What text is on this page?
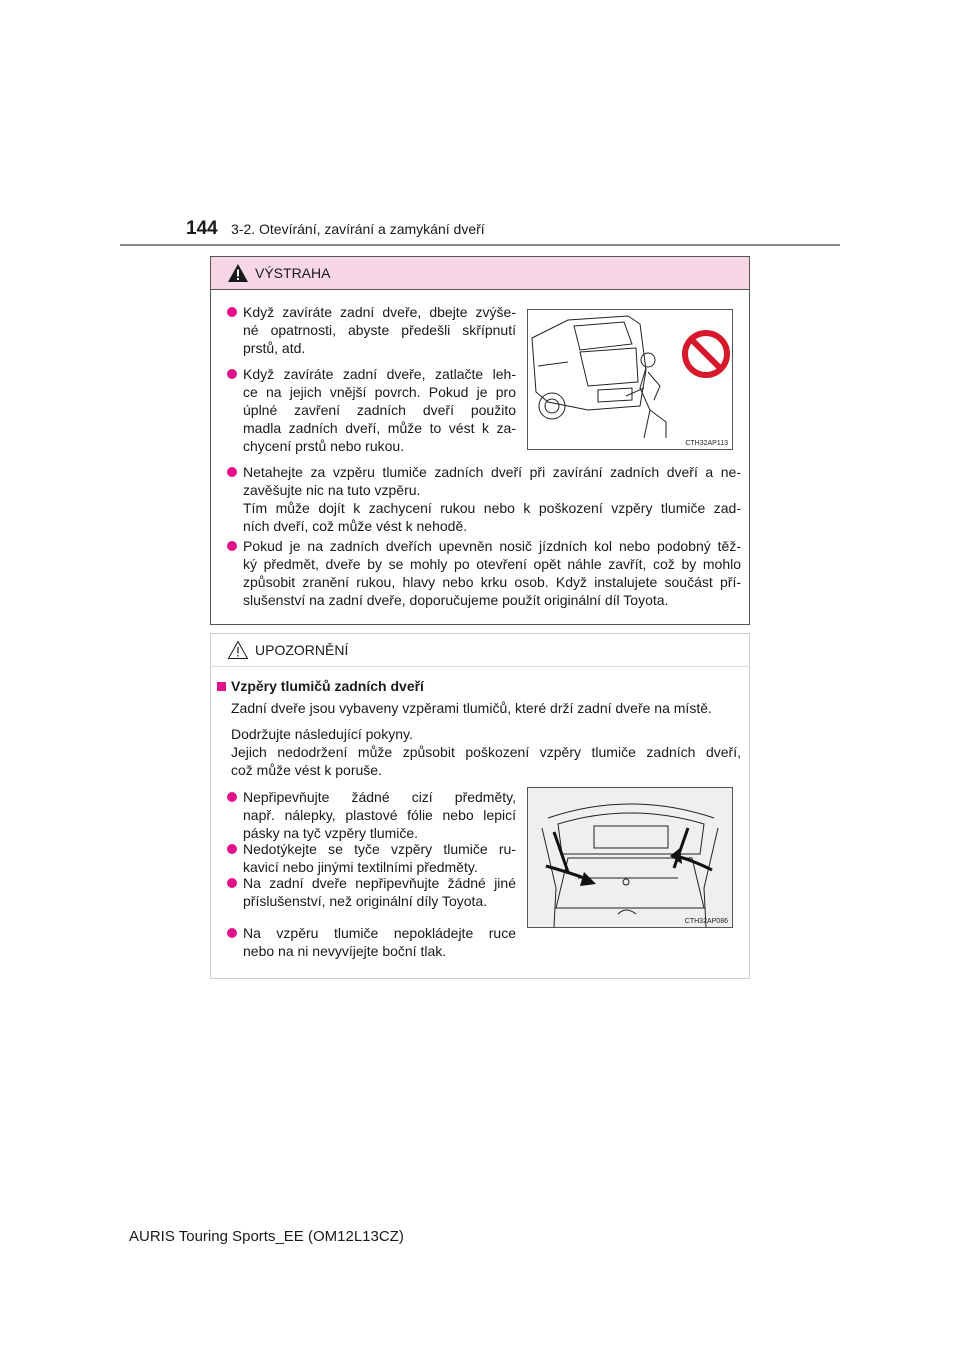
144 3-2. Otevírání, zavírání a zamykání dveří
VÝSTRAHA
Když zavíráte zadní dveře, dbejte zvýše-
né opatrnosti, abyste předešli skřípnutí
prstů, atd.
Když zavíráte zadní dveře, zatlačte leh-
ce na jejich vnější povrch. Pokud je pro
úplné zavření zadních dveří použito
madla zadních dveří, může to vést k za-
chycení prstů nebo rukou.	CTH32AP113
Netahejte za vzpěru tlumiče zadních dveří při zavírání zadních dveří a ne-
zavěšujte nic na tuto vzpěru.
Tím může dojít k zachycení rukou nebo k poškození vzpěry tlumiče zad-
ních dveří, což může vést k nehodě.
Pokud je na zadních dveřích upevněn nosič jízdních kol nebo podobný těž-
ký předmět, dveře by se mohly po otevření opět náhle zavřít, což by mohlo
způsobit zranění rukou, hlavy nebo krku osob. Když instalujete součást pří-
slušenství na zadní dveře, doporučujeme použít originální díl Toyota.
UPOZORNĚNÍ
Vzpěry tlumičů zadních dveří
Zadní dveře jsou vybaveny vzpěrami tlumičů, které drží zadní dveře na místě.
Dodržujte následující pokyny.
Jejich nedodržení může způsobit poškození vzpěry tlumiče zadních dveří,
což může vést k poruše.
Nepřipevňujte žádné cizí předměty,
např. nálepky, plastové fólie nebo lepicí
pásky na tyč vzpěry tlumiče.
Nedotýkejte se tyče vzpěry tlumiče ru-
kavicí nebo jinými textilními předměty.
Na zadní dveře nepřipevňujte žádné jiné
příslušenství, než originální díly Toyota.
Na vzpěru tlumiče nepokládejte ruce
nebo na ni nevyvíjejte boční tlak.
CTH32AP086
AURIS Touring Sports_EE (OM12L13CZ)
